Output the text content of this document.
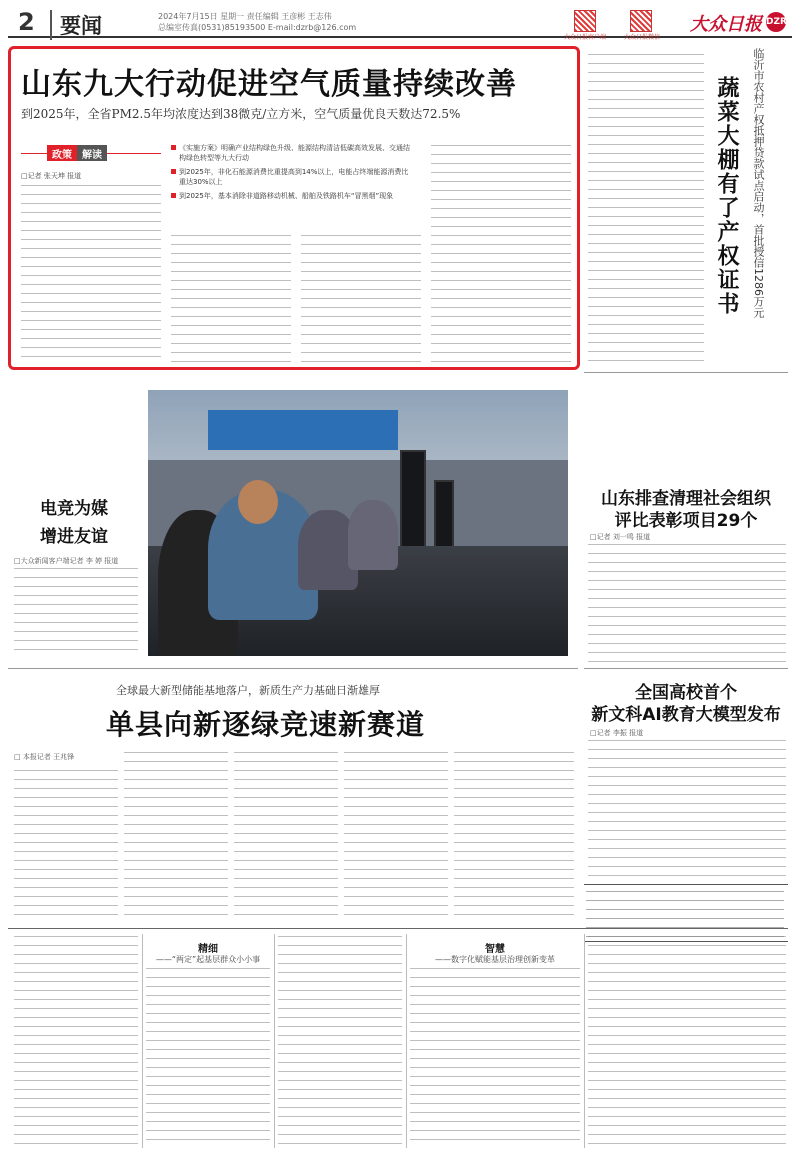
2	要闻	2024年7月15日 星期一 责任编辑 王彦彬 王志伟
总编室传真(0531)85193500 E-mail:dzrb@126.com
大众日报客户端	大众日报微信
大众日报 DZRB
山东九大行动促进空气质量持续改善
到2025年，全省PM2.5年均浓度达到38微克/立方米，空气质量优良天数达72.5%
政策	解读
□记者 张天坤 报道
《实施方案》明确产业结构绿色升级、能源结构清洁低碳高效发展、交通结构绿色转型等九大行动
到2025年，非化石能源消费比重提高到14%以上，电能占终端能源消费比重达30%以上
到2025年，基本消除非道路移动机械、船舶及铁路机车“冒黑烟”现象	蔬菜大棚有了产权证书	临沂市农村产权抵押贷款试点启动，首批授信1286万元
电竞为媒
增进友谊
□大众新闻客户端记者 李 婷 报道
山东排查清理社会组织
评比表彰项目29个
□记者 刘一鸣 报道
全球最大新型储能基地落户，新质生产力基础日渐雄厚
单县向新逐绿竞速新赛道
□ 本报记者 王兆锋
全国高校首个
新文科AI教育大模型发布
□记者 李振 报道
精细
——“两定”起基层群众小小事
智慧
——数字化赋能基层治理创新变革
